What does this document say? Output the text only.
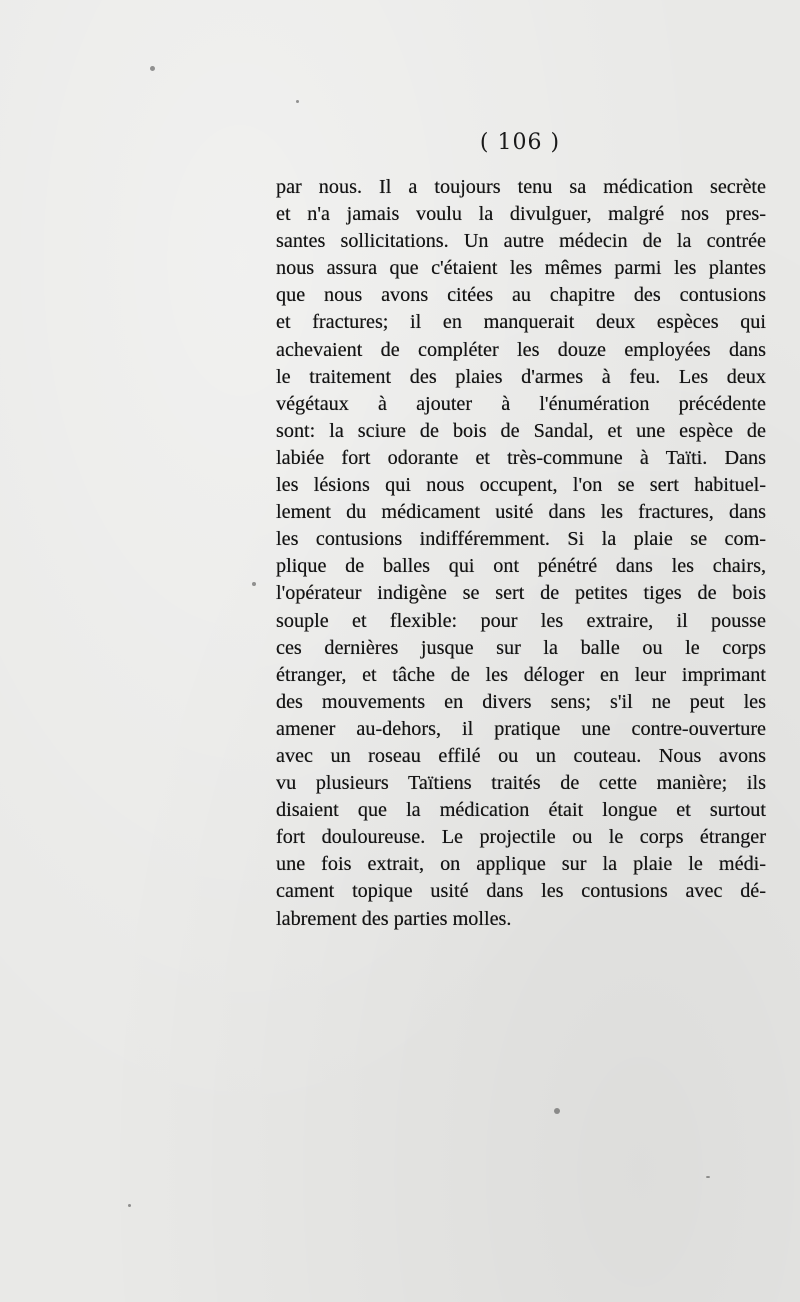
( 106 )
par nous. Il a toujours tenu sa médication secrète
et n'a jamais voulu la divulguer, malgré nos pres-
santes sollicitations. Un autre médecin de la contrée
nous assura que c'étaient les mêmes parmi les plantes
que nous avons citées au chapitre des contusions
et fractures; il en manquerait deux espèces qui
achevaient de compléter les douze employées dans
le traitement des plaies d'armes à feu. Les deux
végétaux à ajouter à l'énumération précédente
sont: la sciure de bois de Sandal, et une espèce de
labiée fort odorante et très-commune à Taïti. Dans
les lésions qui nous occupent, l'on se sert habituel-
lement du médicament usité dans les fractures, dans
les contusions indifféremment. Si la plaie se com-
plique de balles qui ont pénétré dans les chairs,
l'opérateur indigène se sert de petites tiges de bois
souple et flexible: pour les extraire, il pousse
ces dernières jusque sur la balle ou le corps
étranger, et tâche de les déloger en leur imprimant
des mouvements en divers sens; s'il ne peut les
amener au-dehors, il pratique une contre-ouverture
avec un roseau effilé ou un couteau. Nous avons
vu plusieurs Taïtiens traités de cette manière; ils
disaient que la médication était longue et surtout
fort douloureuse. Le projectile ou le corps étranger
une fois extrait, on applique sur la plaie le médi-
cament topique usité dans les contusions avec dé-
labrement des parties molles.
